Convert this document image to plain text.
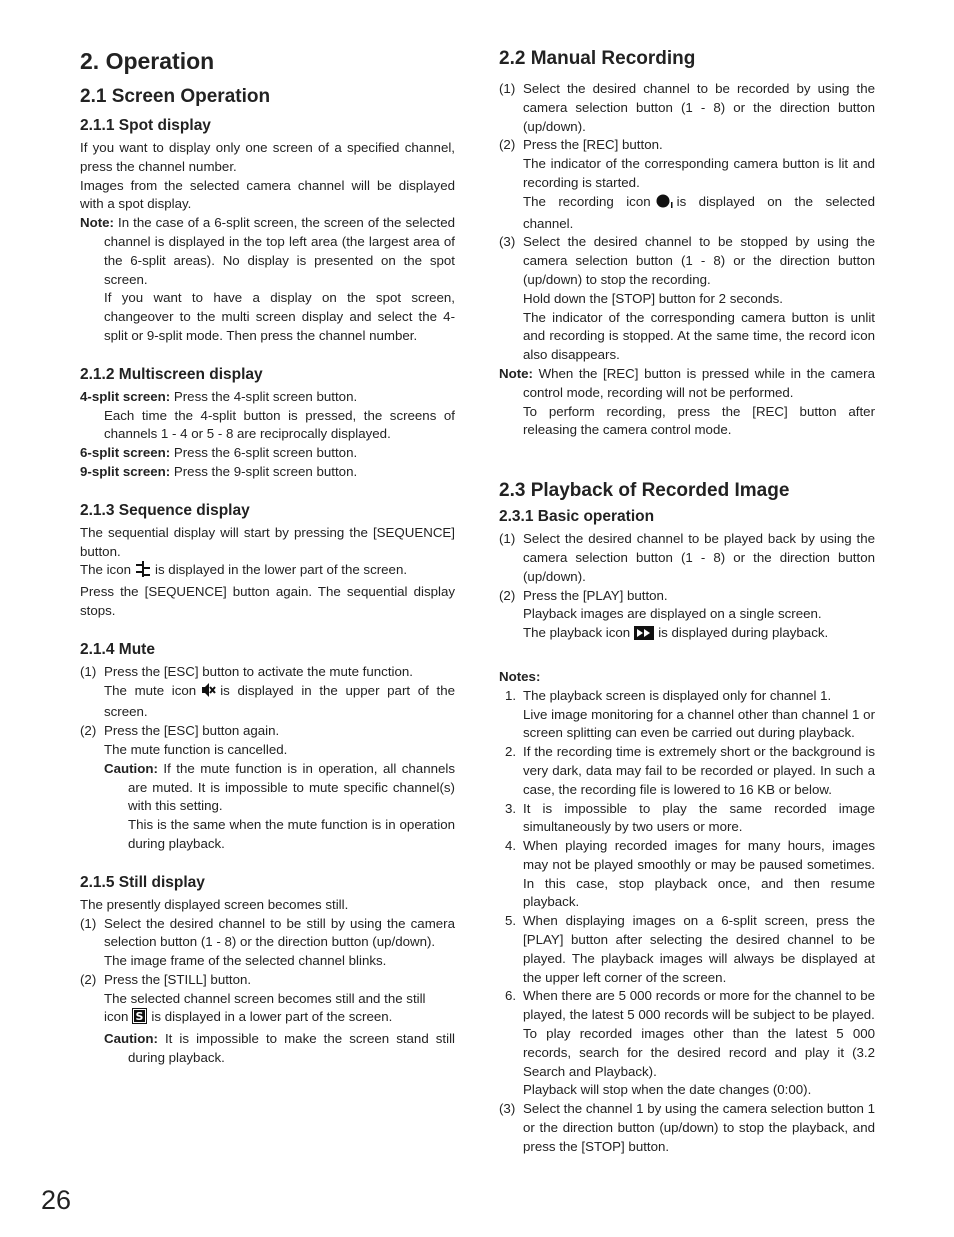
2. Operation
2.1 Screen Operation
2.1.1 Spot display

If you want to display only one screen of a specified channel, press the channel number.

Images from the selected camera channel will be displayed with a spot display.

Note: In the case of a 6-split screen, the screen of the selected channel is displayed in the top left area (the largest area of the 6-split areas). No display is presented on the spot screen.

If you want to have a display on the spot screen, changeover to the multi screen display and select the 4-split or 9-split mode. Then press the channel number.

2.1.2 Multiscreen display

4-split screen: Press the 4-split screen button.

Each time the 4-split button is pressed, the screens of channels 1 - 4 or 5 - 8 are reciprocally displayed.

6-split screen: Press the 6-split screen button.

9-split screen: Press the 9-split screen button.

2.1.3 Sequence display

The sequential display will start by pressing the [SEQUENCE] button.

The icon is displayed in the lower part of the screen.

Press the [SEQUENCE] button again. The sequential display stops.

2.1.4 Mute
(1) Press the [ESC] button to activate the mute function.

The mute icon is displayed in the upper part of the screen.

(2) Press the [ESC] button again.

The mute function is cancelled.

Caution: If the mute function is in operation, all channels are muted. It is impossible to mute specific channel(s) with this setting.

This is the same when the mute function is in operation during playback.

2.1.5 Still display

The presently displayed screen becomes still.

(1) Select the desired channel to be still by using the camera selection button (1 - 8) or the direction button (up/down).

The image frame of the selected channel blinks.

(2) Press the [STILL] button.

The selected channel screen becomes still and the still

icon S is displayed in a lower part of the screen.

Caution: It is impossible to make the screen stand still during playback.

2.2 Manual Recording
(1) Select the desired channel to be recorded by using the camera selection button (1 - 8) or the direction button (up/down).
(2) Press the [REC] button.

The indicator of the corresponding camera button is lit and recording is started.

The recording icon is displayed on the selected channel.

(3) Select the desired channel to be stopped by using the camera selection button (1 - 8) or the direction button (up/down) to stop the recording.

Hold down the [STOP] button for 2 seconds.

The indicator of the corresponding camera button is unlit and recording is stopped. At the same time, the record icon also disappears.

Note: When the [REC] button is pressed while in the camera control mode, recording will not be performed.

To perform recording, press the [REC] button after releasing the camera control mode.

2.3 Playback of Recorded Image
2.3.1 Basic operation
(1) Select the desired channel to be played back by using the camera selection button (1 - 8) or the direction button (up/down).
(2) Press the [PLAY] button.

Playback images are displayed on a single screen.

The playback icon is displayed during playback.

Notes:

1. The playback screen is displayed only for channel 1.

Live image monitoring for a channel other than channel 1 or screen splitting can even be carried out during playback.

2. If the recording time is extremely short or the background is very dark, data may fail to be recorded or played. In such a case, the recording file is lowered to 16 KB or below.
3. It is impossible to play the same recorded image simultaneously by two users or more.
4. When playing recorded images for many hours, images may not be played smoothly or may be paused sometimes. In this case, stop playback once, and then resume playback.
5. When displaying images on a 6-split screen, press the [PLAY] button after selecting the desired channel to be played. The playback images will always be displayed at the upper left corner of the screen.
6. When there are 5 000 records or more for the channel to be played, the latest 5 000 records will be subject to be played.

To play recorded images other than the latest 5 000 records, search for the desired record and play it (3.2 Search and Playback).

Playback will stop when the date changes (0:00).

(3) Select the channel 1 by using the camera selection button 1 or the direction button (up/down) to stop the playback, and press the [STOP] button.
26
